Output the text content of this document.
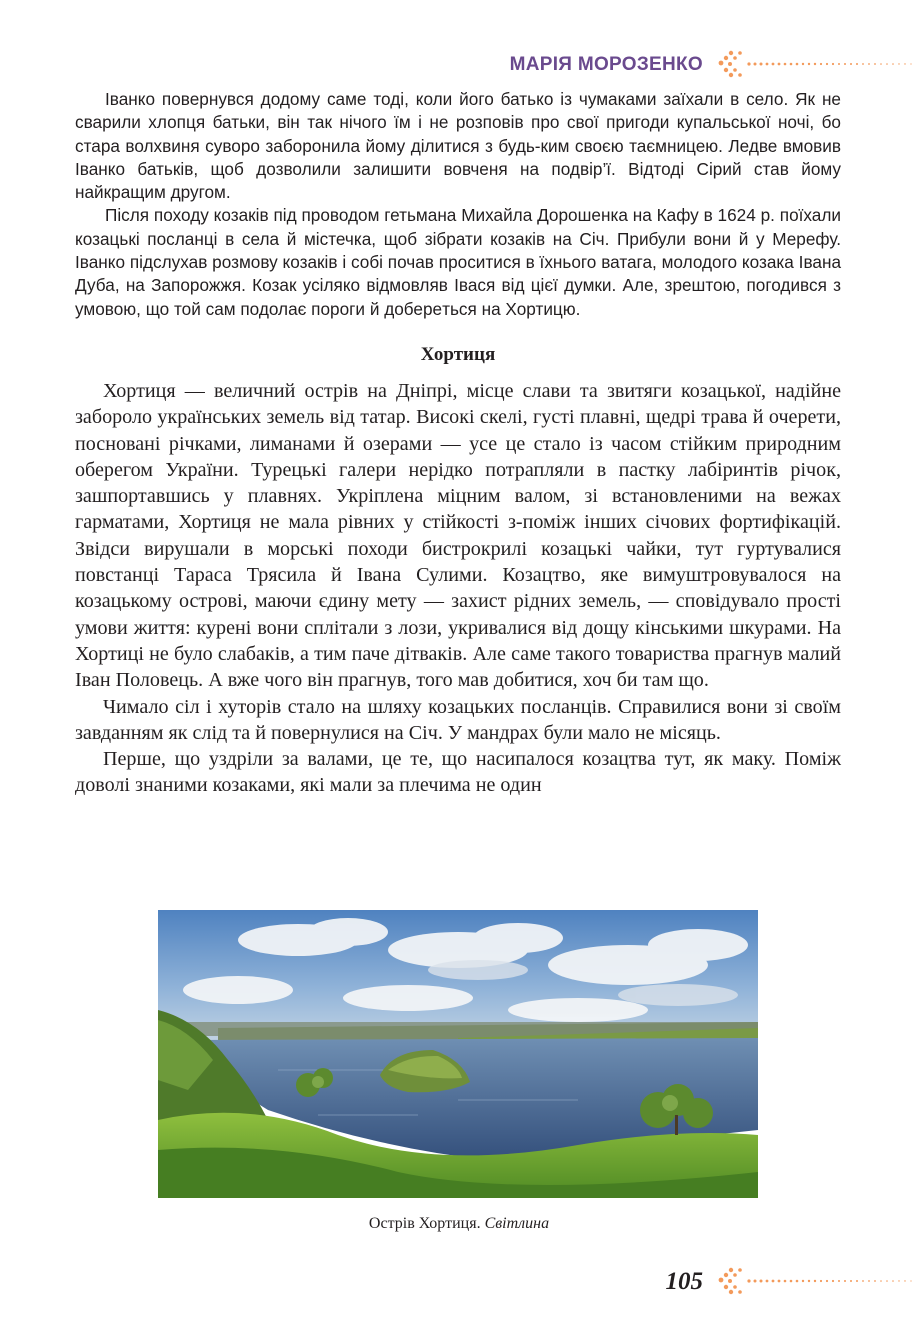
МАРІЯ МОРОЗЕНКО

Іванко повернувся додому саме тоді, коли його батько із чумаками заїхали в село. Як не сварили хлопця батьки, він так нічого їм і не розповів про свої пригоди купальської ночі, бо стара волхвиня суворо заборонила йому ділитися з будь-ким своєю таємницею. Ледве вмовив Іванко батьків, щоб дозволили залишити вовченя на подвір’ї. Відтоді Сірий став йому найкращим другом.

Після походу козаків під проводом гетьмана Михайла Дорошенка на Кафу в 1624 р. поїхали козацькі посланці в села й містечка, щоб зібрати козаків на Січ. Прибули вони й у Мерефу. Іванко підслухав розмову козаків і собі почав проситися в їхнього ватага, молодого козака Івана Дуба, на Запорожжя. Козак усіляко відмовляв Івася від цієї думки. Але, зрештою, погодився з умовою, що той сам подолає пороги й доберeться на Хортицю.

Хортиця

Хортиця — величний острів на Дніпрі, місце слави та звитяги козацької, надійне забороло українських земель від татар. Високі скелі, густі плавні, щедрі трава й очерети, посновані річками, лиманами й озерами — усе це стало із часом стійким природним оберегом України. Турецькі галери нерідко потрапляли в пастку лабіринтів річок, зашпортавшись у плавнях. Укріплена міцним валом, зі встановленими на вежах гарматами, Хортиця не мала рівних у стійкості з-поміж інших січових фортифікацій. Звідси вирушали в морські походи бистрокрилі козацькі чайки, тут гуртувалися повстанці Тараса Трясила й Івана Сулими. Козацтво, яке вимуштровувалося на козацькому острові, маючи єдину мету — захист рідних земель, — сповідувало прості умови життя: курені вони сплітали з лози, укривалися від дощу кінськими шкурами. На Хортиці не було слабаків, а тим паче дітваків. Але саме такого товариства прагнув малий Іван Половець. А вже чого він прагнув, того мав добитися, хоч би там що.

Чимало сіл і хуторів стало на шляху козацьких посланців. Справилися вони зі своїм завданням як слід та й повернулися на Січ. У мандрах були мало не місяць.

Перше, що уздріли за валами, це те, що насипалося козацтва тут, як маку. Поміж доволі знаними козаками, які мали за плечима не один

Острів Хортиця. Світлина
105
